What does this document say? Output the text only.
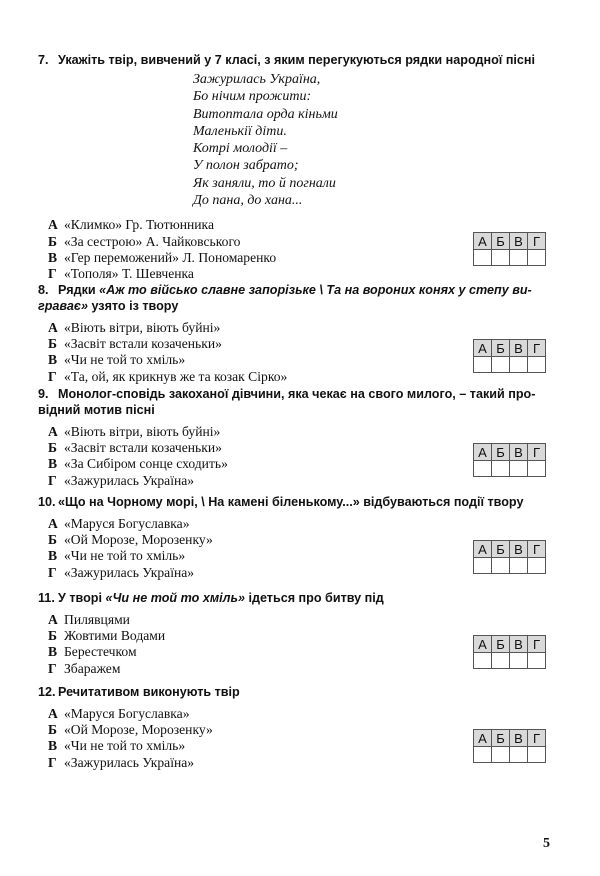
7. Укажіть твір, вивчений у 7 класі, з яким перегукуються рядки народної пісні
Зажурилась Україна,
Бо нічим прожити:
Витоптала орда кіньми
Маленькії діти.
Котрі молодії –
У полон забрато;
Як заняли, то й погнали
До пана, до хана...
А «Климко» Гр. Тютюнника
Б «За сестрою» А. Чайковського
В «Гер переможений» Л. Пономаренко
Г «Тополя» Т. Шевченка
А	Б	В	Г

8. Рядки «Аж то військо славне запорізьке \ Та на вороних конях у степу ви-граває» узято із твору
А «Віють вітри, віють буйні»
Б «Засвіт встали козаченьки»
В «Чи не той то хміль»
Г «Та, ой, як крикнув же та козак Сірко»
А	Б	В	Г

9. Монолог-сповідь закоханої дівчини, яка чекає на свого милого, – такий про-відний мотив пісні
А «Віють вітри, віють буйні»
Б «Засвіт встали козаченьки»
В «За Сибіром сонце сходить»
Г «Зажурилась Україна»
А	Б	В	Г

10. «Що на Чорному морі, \ На камені біленькому...» відбуваються події твору
А «Маруся Богуславка»
Б «Ой Морозе, Морозенку»
В «Чи не той то хміль»
Г «Зажурилась Україна»
А	Б	В	Г

11. У творі «Чи не той то хміль» ідеться про битву під
А Пилявцями
Б Жовтими Водами
В Берестечком
Г Збаражем
А	Б	В	Г

12. Речитативом виконують твір
А «Маруся Богуславка»
Б «Ой Морозе, Морозенку»
В «Чи не той то хміль»
Г «Зажурилась Україна»
А	Б	В	Г

5
